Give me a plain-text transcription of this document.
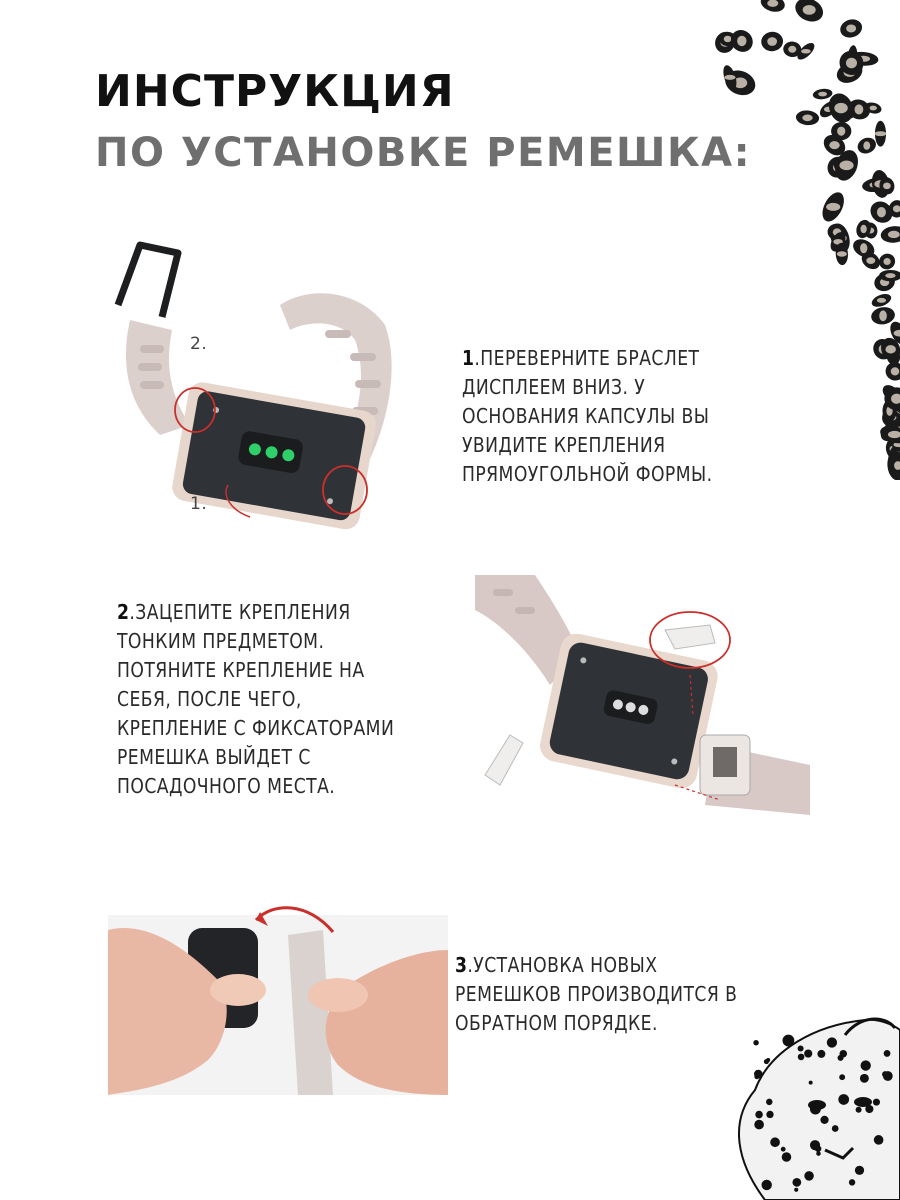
ИНСТРУКЦИЯ
ПО УСТАНОВКЕ РЕМЕШКА:
2.
1.
1.ПЕРЕВЕРНИТЕ БРАСЛЕТ
ДИСПЛЕЕМ ВНИЗ. У
ОСНОВАНИЯ КАПСУЛЫ ВЫ
УВИДИТЕ КРЕПЛЕНИЯ
ПРЯМОУГОЛЬНОЙ ФОРМЫ.
2.ЗАЦЕПИТЕ КРЕПЛЕНИЯ
ТОНКИМ ПРЕДМЕТОМ.
ПОТЯНИТЕ КРЕПЛЕНИЕ НА
СЕБЯ, ПОСЛЕ ЧЕГО,
КРЕПЛЕНИЕ С ФИКСАТОРАМИ
РЕМЕШКА ВЫЙДЕТ С
ПОСАДОЧНОГО МЕСТА.
3.УСТАНОВКА НОВЫХ
РЕМЕШКОВ ПРОИЗВОДИТСЯ В
ОБРАТНОМ ПОРЯДКЕ.
